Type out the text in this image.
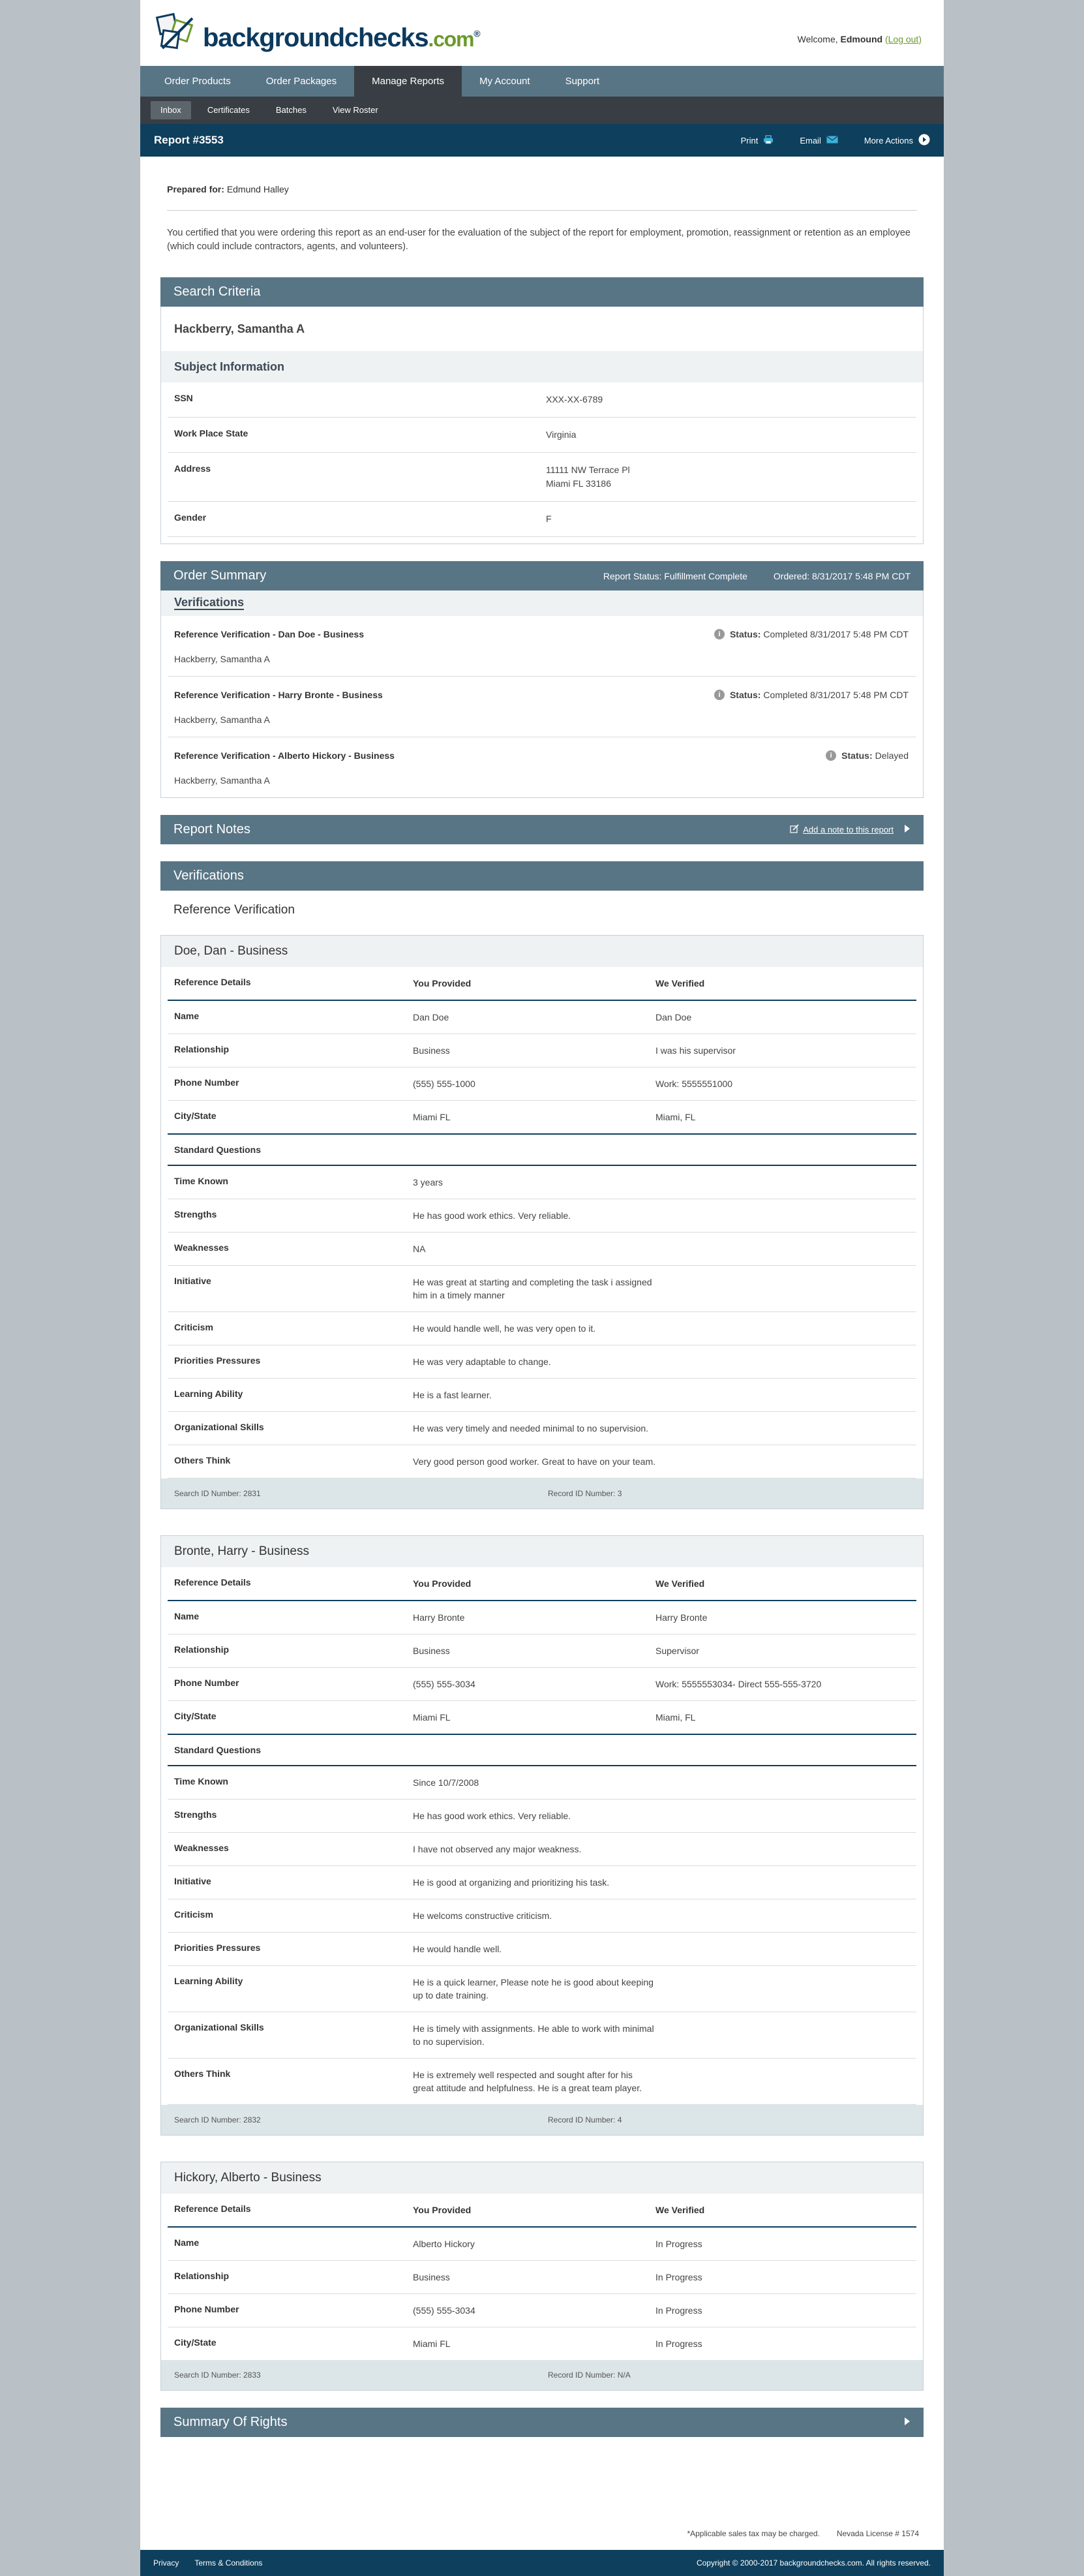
backgroundchecks.com®
Welcome, Edmound (Log out)
Order Products	Order Packages	Manage Reports	My Account	Support
Inbox	Certificates	Batches	View Roster
Report #3553	Print	Email	More Actions
Prepared for: Edmund Halley
You certified that you were ordering this report as an end-user for the evaluation of the subject of the report for employment, promotion, reassignment or retention as an employee (which could include contractors, agents, and volunteers).
Search Criteria
Hackberry, Samantha A
Subject Information
SSN	XXX-XX-6789
Work Place State	Virginia
Address	11111 NW Terrace Pl
Miami FL 33186
Gender	F
Order Summary	Report Status: Fulfillment Complete	Ordered: 8/31/2017 5:48 PM CDT
Verifications
Reference Verification - Dan Doe - Business
Hackberry, Samantha A
i	Status: Completed 8/31/2017 5:48 PM CDT
Reference Verification - Harry Bronte - Business
Hackberry, Samantha A
i	Status: Completed 8/31/2017 5:48 PM CDT
Reference Verification - Alberto Hickory - Business
Hackberry, Samantha A
i	Status: Delayed
Report Notes	Add a note to this report
Verifications
Reference Verification
Doe, Dan - Business
Reference Details	You Provided	We Verified
Name	Dan Doe	Dan Doe
Relationship	Business	I was his supervisor
Phone Number	(555) 555-1000	Work: 5555551000
City/State	Miami FL	Miami, FL
Standard Questions
Time Known	3 years
Strengths	He has good work ethics. Very reliable.
Weaknesses	NA
Initiative	He was great at starting and completing the task i assigned him in a timely manner
Criticism	He would handle well, he was very open to it.
Priorities Pressures	He was very adaptable to change.
Learning Ability	He is a fast learner.
Organizational Skills	He was very timely and needed minimal to no supervision.
Others Think	Very good person good worker. Great to have on your team.
Search ID Number: 2831	Record ID Number: 3
Bronte, Harry - Business
Reference Details	You Provided	We Verified
Name	Harry Bronte	Harry Bronte
Relationship	Business	Supervisor
Phone Number	(555) 555-3034	Work: 5555553034- Direct 555-555-3720
City/State	Miami FL	Miami, FL
Standard Questions
Time Known	Since 10/7/2008
Strengths	He has good work ethics. Very reliable.
Weaknesses	I have not observed any major weakness.
Initiative	He is good at organizing and prioritizing his task.
Criticism	He welcoms constructive criticism.
Priorities Pressures	He would handle well.
Learning Ability	He is a quick learner, Please note he is good about keeping up to date training.
Organizational Skills	He is timely with assignments. He able to work with minimal to no supervision.
Others Think	He is extremely well respected and sought after for his great attitude and helpfulness. He is a great team player.
Search ID Number: 2832	Record ID Number: 4
Hickory, Alberto - Business
Reference Details	You Provided	We Verified
Name	Alberto Hickory	In Progress
Relationship	Business	In Progress
Phone Number	(555) 555-3034	In Progress
City/State	Miami FL	In Progress
Search ID Number: 2833	Record ID Number: N/A
Summary Of Rights
*Applicable sales tax may be charged. Nevada License # 1574
Privacy Terms & Conditions	Copyright © 2000-2017 backgroundchecks.com. All rights reserved.
